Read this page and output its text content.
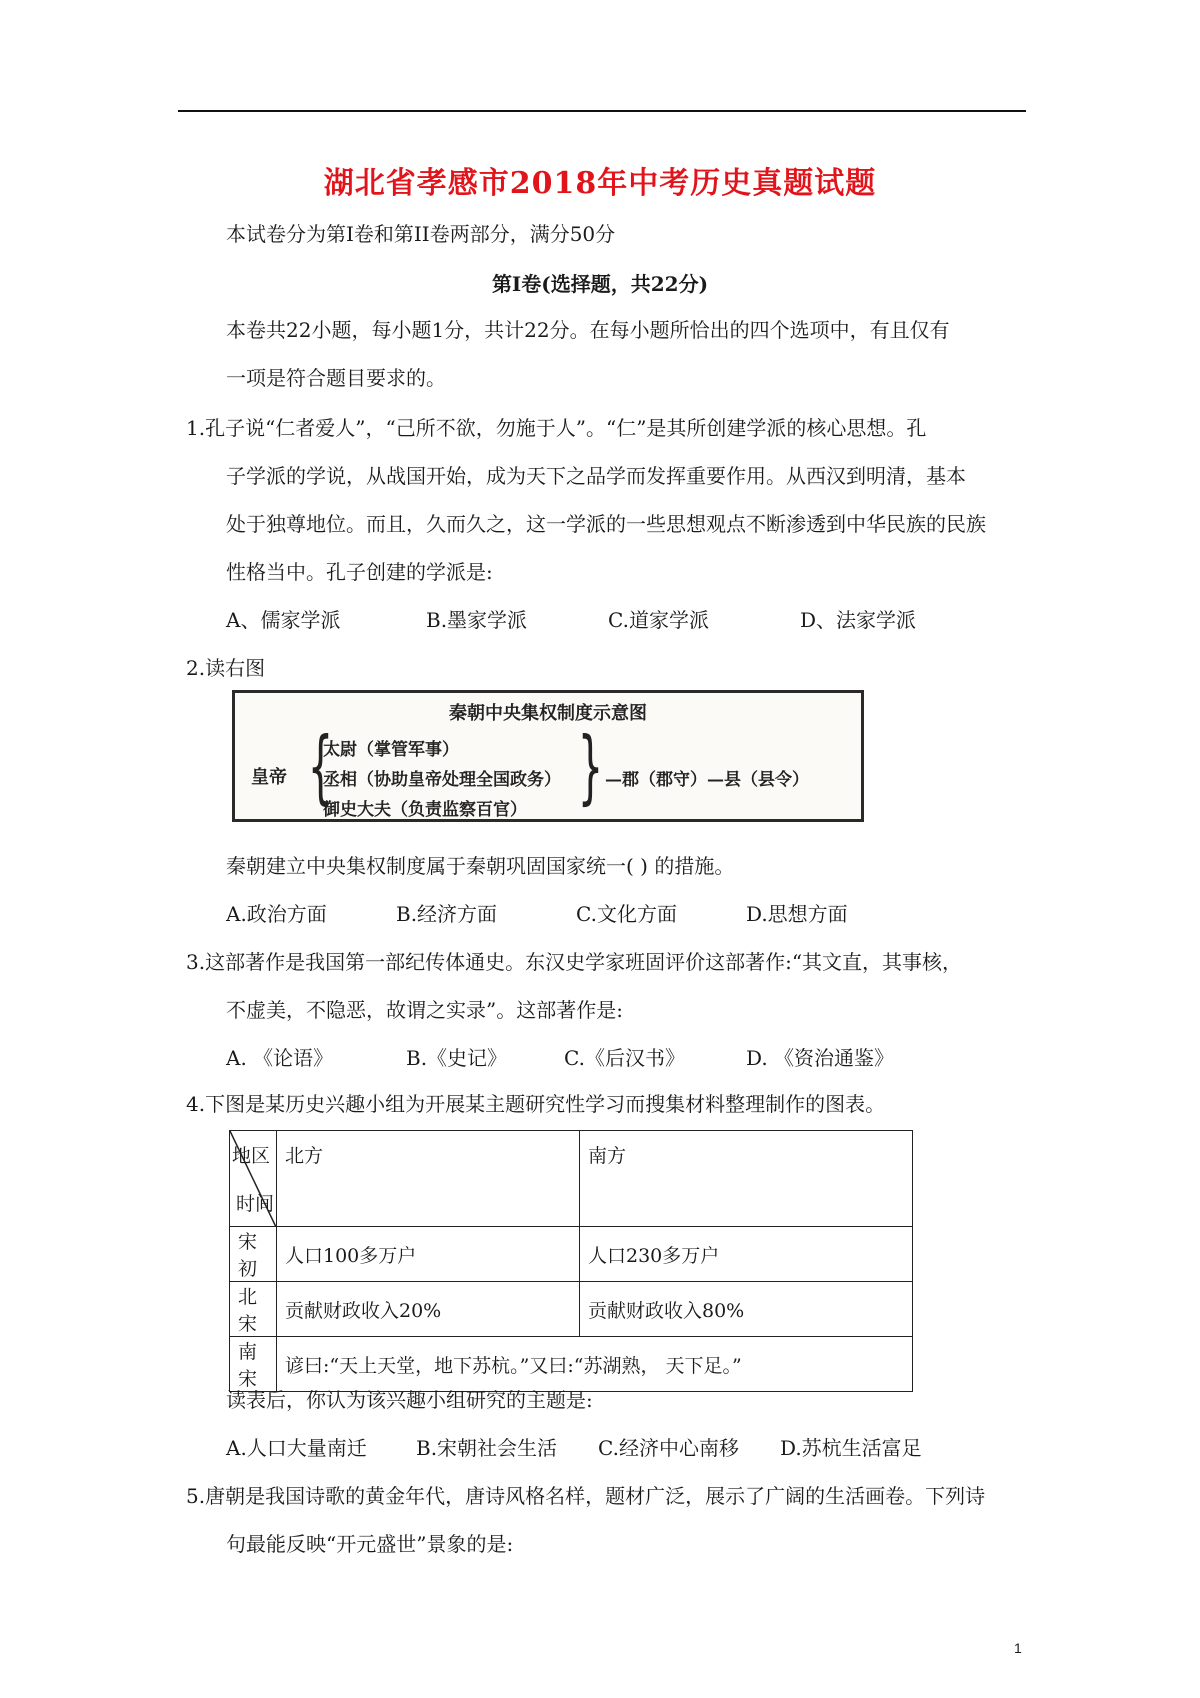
湖北省孝感市2018年中考历史真题试题
本试卷分为第I卷和第II卷两部分，满分50分
第I卷(选择题，共22分)
本卷共22小题，每小题1分，共计22分。在每小题所恰出的四个选项中，有且仅有
一项是符合题目要求的。
1.孔子说“仁者爱人”，“己所不欲，勿施于人”。“仁”是其所创建学派的核心思想。孔
子学派的学说，从战国开始，成为天下之品学而发挥重要作用。从西汉到明清，基本
处于独尊地位。而且，久而久之，这一学派的一些思想观点不断渗透到中华民族的民族
性格当中。孔子创建的学派是:
A、儒家学派	B.墨家学派	C.道家学派	D、法家学派
2.读右图
秦朝中央集权制度示意图
皇帝 {
太尉（掌管军事）
丞相（协助皇帝处理全国政务）
御史大夫（负责监察百官） } —郡（郡守）—县（县令）
秦朝建立中央集权制度属于秦朝巩固国家统一( ) 的措施。
A.政治方面	B.经济方面	C.文化方面	D.思想方面
3.这部著作是我国第一部纪传体通史。东汉史学家班固评价这部著作:“其文直，其事核，
不虚美，不隐恶，故谓之实录”。这部著作是:
A. 《论语》	B.《史记》	C.《后汉书》	D. 《资治通鉴》
4.下图是某历史兴趣小组为开展某主题研究性学习而搜集材料整理制作的图表。
地区
时间	北方	南方
宋初	人口100多万户	人口230多万户
北宋	贡献财政收入20%	贡献财政收入80%
南宋	谚曰:“天上天堂，地下苏杭。”又曰:“苏湖熟， 天下足。”	
读表后，你认为该兴趣小组研究的主题是:
A.人口大量南迁 B.宋朝社会生活 C.经济中心南移 D.苏杭生活富足
5.唐朝是我国诗歌的黄金年代，唐诗风格名样，题材广泛，展示了广阔的生活画卷。下列诗
句最能反映“开元盛世”景象的是:
1
